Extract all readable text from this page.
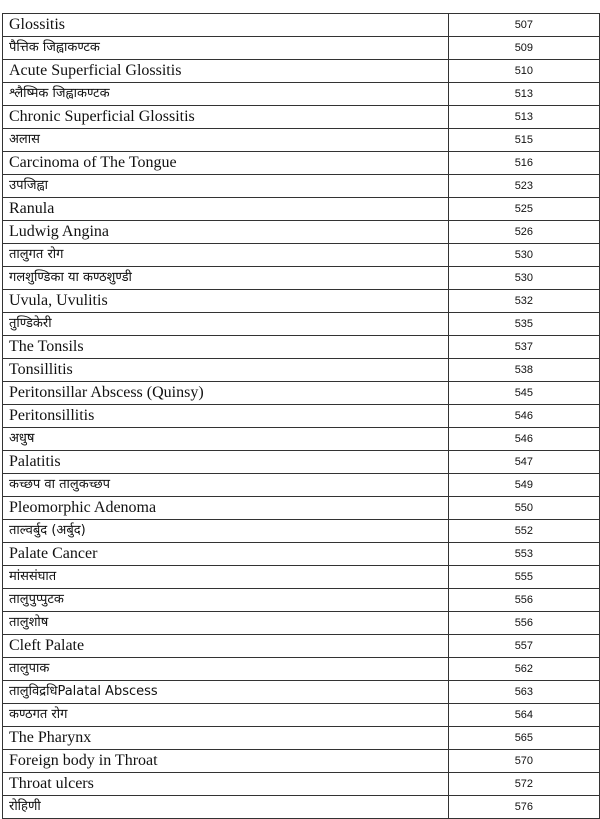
Glossitis	507
पैत्तिक जिह्वाकण्टक	509
Acute Superficial Glossitis	510
श्लैष्मिक जिह्वाकण्टक	513
Chronic Superficial Glossitis	513
अलास	515
Carcinoma of The Tongue	516
उपजिह्वा	523
Ranula	525
Ludwig Angina	526
तालुगत रोग	530
गलशुण्डिका या कण्ठशुण्डी	530
Uvula, Uvulitis	532
तुण्डिकेरी	535
The Tonsils	537
Tonsillitis	538
Peritonsillar Abscess (Quinsy)	545
Peritonsillitis	546
अधुष	546
Palatitis	547
कच्छप वा तालुकच्छप	549
Pleomorphic Adenoma	550
ताल्वर्बुद (अर्बुद)	552
Palate Cancer	553
मांससंघात	555
तालुपुप्पुटक	556
तालुशोष	556
Cleft Palate	557
तालुपाक	562
तालुविद्रधिPalatal Abscess	563
कण्ठगत रोग	564
The Pharynx	565
Foreign body in Throat	570
Throat ulcers	572
रोहिणी	576
